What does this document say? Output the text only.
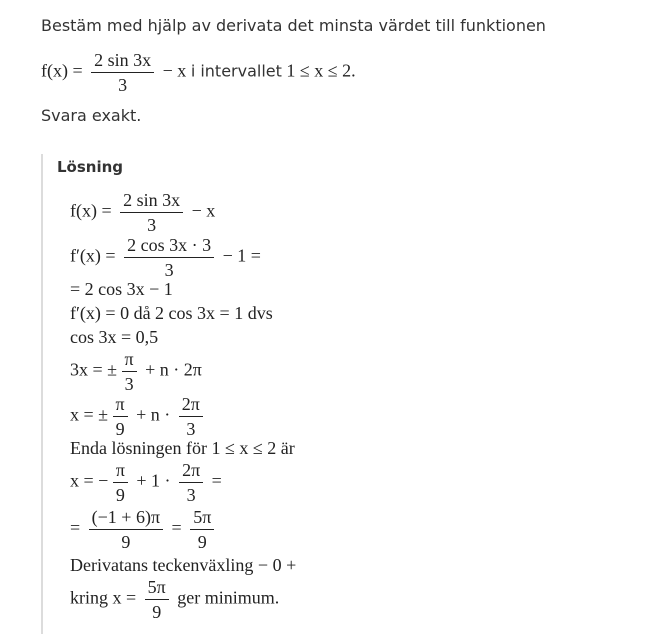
Bestäm med hjälp av derivata det minsta värdet till funktionen
$f(x) = \frac{2 \sin 3x}{3} - x$ i intervallet 1 ≤ x ≤ 2.
Svara exakt.
Lösning
$f(x) = \frac{2 \sin 3x}{3} - x$
$f'(x) = \frac{2 \cos 3x \cdot 3}{3} - 1$ =
= 2 cos 3x − 1
f′(x) = 0 då 2 cos 3x = 1 dvs
cos 3x = 0,5
3x = ± $\frac{\pi}{3} + n \cdot 2\pi$
x = ± $\frac{\pi}{9} + n \cdot \frac{2\pi}{3}$
Enda lösningen för 1 ≤ x ≤ 2 är
x = − $\frac{\pi}{9} + 1 \cdot \frac{2\pi}{3}$ =
= $\frac{(-1 + 6)\pi}{9} = \frac{5\pi}{9}$
Derivatans teckenväxling − 0 +
kring $x = \frac{5\pi}{9}$ ger minimum.
